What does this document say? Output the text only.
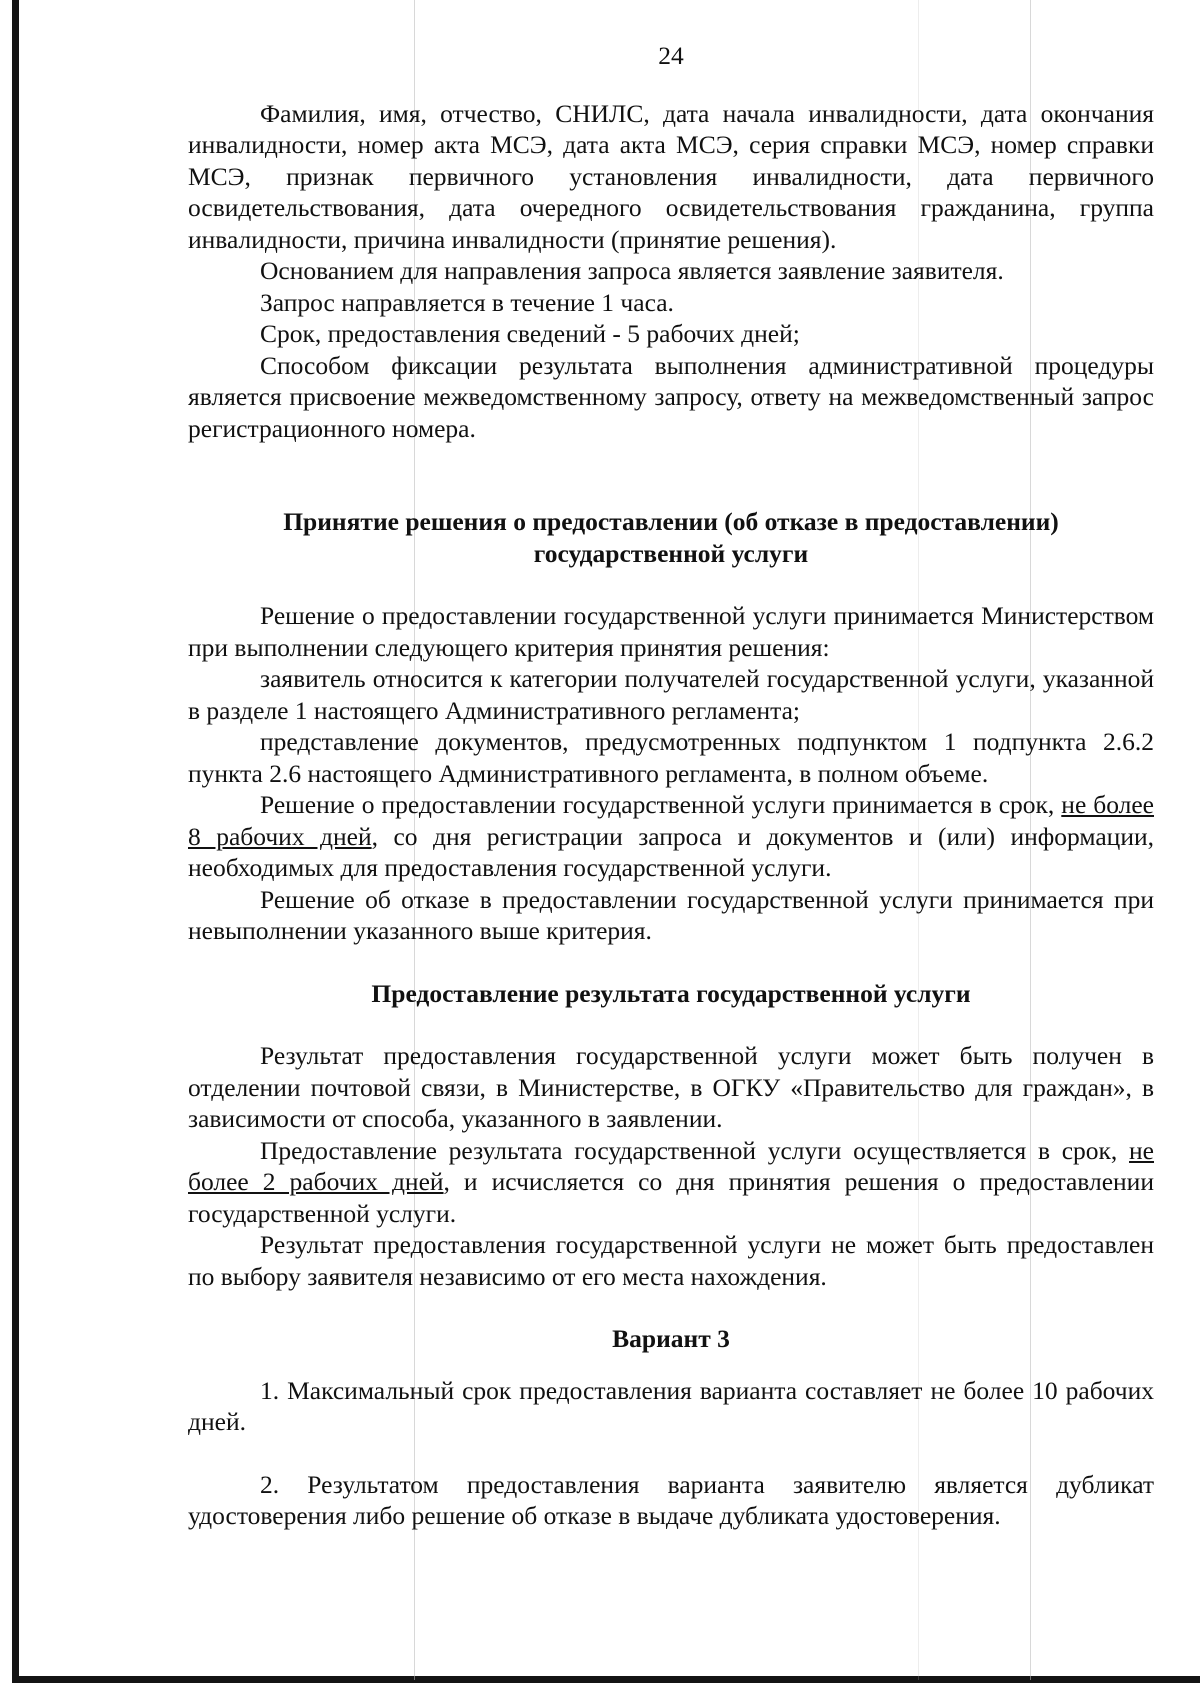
24

Фамилия, имя, отчество, СНИЛС, дата начала инвалидности, дата окончания инвалидности, номер акта МСЭ, дата акта МСЭ, серия справки МСЭ, номер справки МСЭ, признак первичного установления инвалидности, дата первичного освидетельствования, дата очередного освидетельствования гражданина, группа инвалидности, причина инвалидности (принятие решения).

Основанием для направления запроса является заявление заявителя.

Запрос направляется в течение 1 часа.

Срок, предоставления сведений - 5 рабочих дней;

Способом фиксации результата выполнения административной процедуры является присвоение межведомственному запросу, ответу на межведомственный запрос регистрационного номера.

Принятие решения о предоставлении (об отказе в предоставлении)
государственной услуги

Решение о предоставлении государственной услуги принимается Министерством при выполнении следующего критерия принятия решения:

заявитель относится к категории получателей государственной услуги, указанной в разделе 1 настоящего Административного регламента;

представление документов, предусмотренных подпунктом 1 подпункта 2.6.2 пункта 2.6 настоящего Административного регламента, в полном объеме.

Решение о предоставлении государственной услуги принимается в срок, не более 8 рабочих дней, со дня регистрации запроса и документов и (или) информации, необходимых для предоставления государственной услуги.

Решение об отказе в предоставлении государственной услуги принимается при невыполнении указанного выше критерия.

Предоставление результата государственной услуги

Результат предоставления государственной услуги может быть получен в отделении почтовой связи, в Министерстве, в ОГКУ «Правительство для граждан», в зависимости от способа, указанного в заявлении.

Предоставление результата государственной услуги осуществляется в срок, не более 2 рабочих дней, и исчисляется со дня принятия решения о предоставлении государственной услуги.

Результат предоставления государственной услуги не может быть предоставлен по выбору заявителя независимо от его места нахождения.

Вариант 3

1. Максимальный срок предоставления варианта составляет не более 10 рабочих дней.

2. Результатом предоставления варианта заявителю является дубликат удостоверения либо решение об отказе в выдаче дубликата удостоверения.
